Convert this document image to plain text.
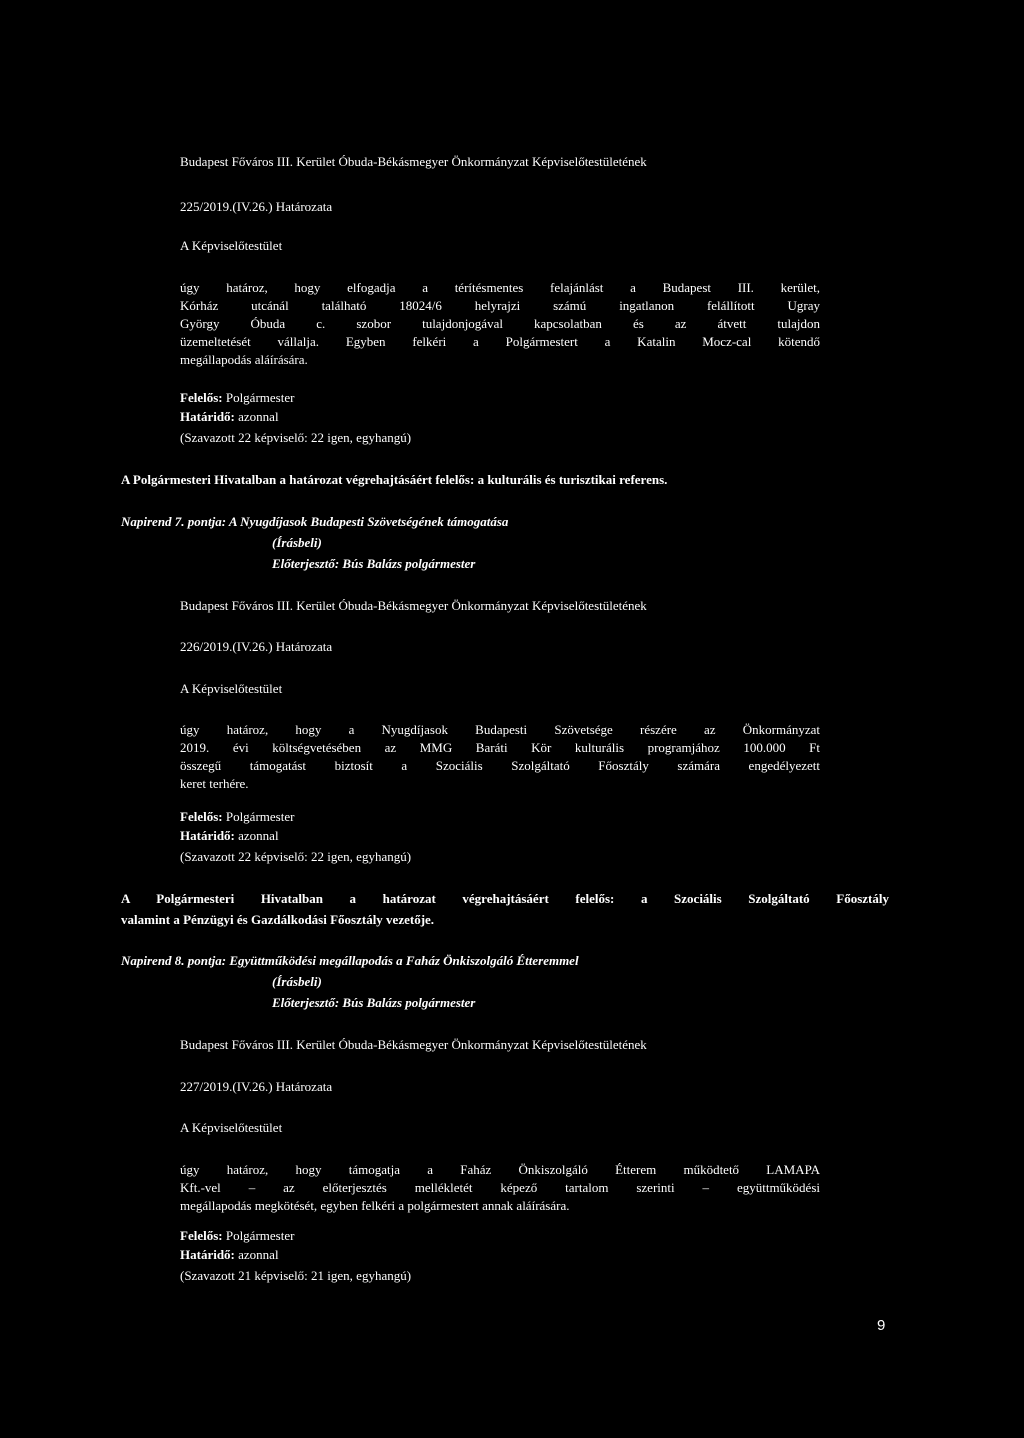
Budapest Főváros III. Kerület Óbuda-Békásmegyer Önkormányzat Képviselőtestületének
225/2019.(IV.26.) Határozata
A Képviselőtestület
úgy határoz, hogy elfogadja a térítésmentes felajánlást a Budapest III. kerület,
Kórház utcánál található 18024/6 helyrajzi számú ingatlanon felállított Ugray
György Óbuda c. szobor tulajdonjogával kapcsolatban és az átvett tulajdon
üzemeltetését vállalja. Egyben felkéri a Polgármestert a Katalin Mocz-cal kötendő
megállapodás aláírására.
Felelős: Polgármester
Határidő: azonnal
(Szavazott 22 képviselő: 22 igen, egyhangú)
A Polgármesteri Hivatalban a határozat végrehajtásáért felelős: a kulturális és turisztikai referens.
Napirend 7. pontja: A Nyugdíjasok Budapesti Szövetségének támogatása
(Írásbeli)
Előterjesztő: Bús Balázs polgármester
Budapest Főváros III. Kerület Óbuda-Békásmegyer Önkormányzat Képviselőtestületének
226/2019.(IV.26.) Határozata
A Képviselőtestület
úgy határoz, hogy a Nyugdíjasok Budapesti Szövetsége részére az Önkormányzat
2019. évi költségvetésében az MMG Baráti Kör kulturális programjához 100.000 Ft
összegű támogatást biztosít a Szociális Szolgáltató Főosztály számára engedélyezett
keret terhére.
Felelős: Polgármester
Határidő: azonnal
(Szavazott 22 képviselő: 22 igen, egyhangú)
A Polgármesteri Hivatalban a határozat végrehajtásáért felelős: a Szociális Szolgáltató Főosztály
valamint a Pénzügyi és Gazdálkodási Főosztály vezetője.
Napirend 8. pontja: Együttműködési megállapodás a Faház Önkiszolgáló Étteremmel
(Írásbeli)
Előterjesztő: Bús Balázs polgármester
Budapest Főváros III. Kerület Óbuda-Békásmegyer Önkormányzat Képviselőtestületének
227/2019.(IV.26.) Határozata
A Képviselőtestület
úgy határoz, hogy támogatja a Faház Önkiszolgáló Étterem működtető LAMAPA
Kft.-vel – az előterjesztés mellékletét képező tartalom szerinti – együttműködési
megállapodás megkötését, egyben felkéri a polgármestert annak aláírására.
Felelős: Polgármester
Határidő: azonnal
(Szavazott 21 képviselő: 21 igen, egyhangú)
9
